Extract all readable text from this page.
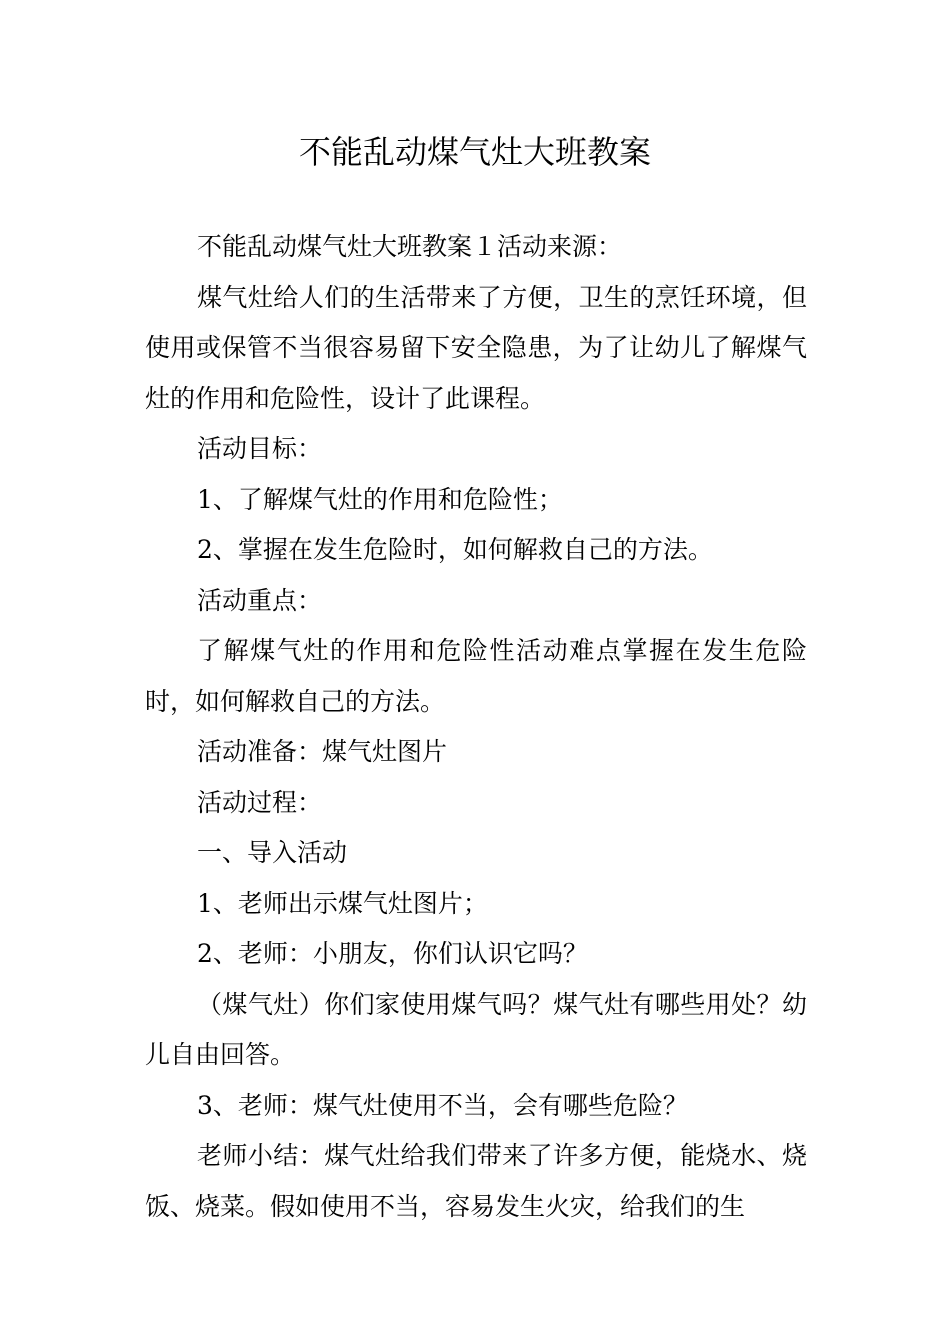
不能乱动煤气灶大班教案

不能乱动煤气灶大班教案１活动来源：

煤气灶给人们的生活带来了方便，卫生的烹饪环境，但使用或保管不当很容易留下安全隐患，为了让幼儿了解煤气灶的作用和危险性，设计了此课程。

活动目标：

1、了解煤气灶的作用和危险性；

2、掌握在发生危险时，如何解救自己的方法。

活动重点：

了解煤气灶的作用和危险性活动难点掌握在发生危险时，如何解救自己的方法。

活动准备：煤气灶图片

活动过程：

一、导入活动

1、老师出示煤气灶图片；

2、老师：小朋友，你们认识它吗？

（煤气灶）你们家使用煤气吗？煤气灶有哪些用处？幼儿自由回答。

3、老师：煤气灶使用不当，会有哪些危险？

老师小结：煤气灶给我们带来了许多方便，能烧水、烧饭、烧菜。假如使用不当，容易发生火灾，给我们的生
